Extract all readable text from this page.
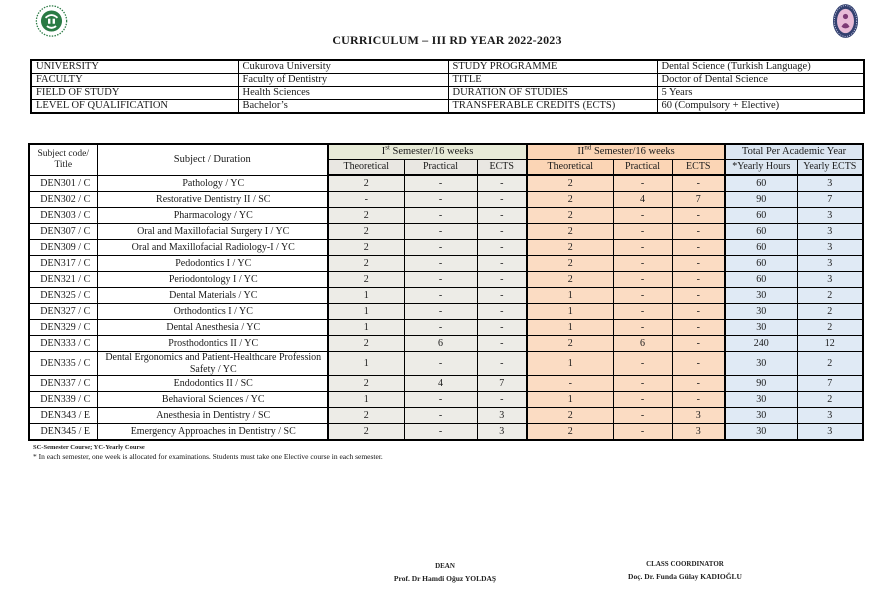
CURRICULUM – III RD YEAR 2022-2023
UNIVERSITY	Cukurova University	STUDY PROGRAMME	Dental Science (Turkish Language)
FACULTY	Faculty of Dentistry	TITLE	Doctor of Dental Science
FIELD OF STUDY	Health Sciences	DURATION OF STUDIES	5 Years
LEVEL OF QUALIFICATION	Bachelor’s	TRANSFERABLE CREDITS (ECTS)	60 (Compulsory + Elective)
Subject code/
Title	Subject / Duration	Ist Semester/16 weeks			IInd Semester/16 weeks			Total Per Academic Year	
		Theoretical	Practical	ECTS	Theoretical	Practical	ECTS	*Yearly Hours	Yearly ECTS
DEN301 / C	Pathology / YC	2	-	-	2	-	-	60	3
DEN302 / C	Restorative Dentistry II / SC	-	-	-	2	4	7	90	7
DEN303 / C	Pharmacology / YC	2	-	-	2	-	-	60	3
DEN307 / C	Oral and Maxillofacial Surgery I / YC	2	-	-	2	-	-	60	3
DEN309 / C	Oral and Maxillofacial Radiology-I / YC	2	-	-	2	-	-	60	3
DEN317 / C	Pedodontics I / YC	2	-	-	2	-	-	60	3
DEN321 / C	Periodontology I / YC	2	-	-	2	-	-	60	3
DEN325 / C	Dental Materials / YC	1	-	-	1	-	-	30	2
DEN327 / C	Orthodontics I / YC	1	-	-	1	-	-	30	2
DEN329 / C	Dental Anesthesia / YC	1	-	-	1	-	-	30	2
DEN333 / C	Prosthodontics II / YC	2	6	-	2	6	-	240	12
DEN335 / C	Dental Ergonomics and Patient-Healthcare Profession Safety / YC	1	-	-	1	-	-	30	2
DEN337 / C	Endodontics II / SC	2	4	7	-	-	-	90	7
DEN339 / C	Behavioral Sciences / YC	1	-	-	1	-	-	30	2
DEN343 / E	Anesthesia in Dentistry / SC	2	-	3	2	-	3	30	3
DEN345 / E	Emergency Approaches in Dentistry / SC	2	-	3	2	-	3	30	3
SC-Semester Course; YC-Yearly Course
* In each semester, one week is allocated for examinations. Students must take one Elective course in each semester.
DEAN
Prof. Dr Hamdi Oğuz YOLDAŞ
CLASS COORDINATOR
Doç. Dr. Funda Gülay KADIOĞLU
